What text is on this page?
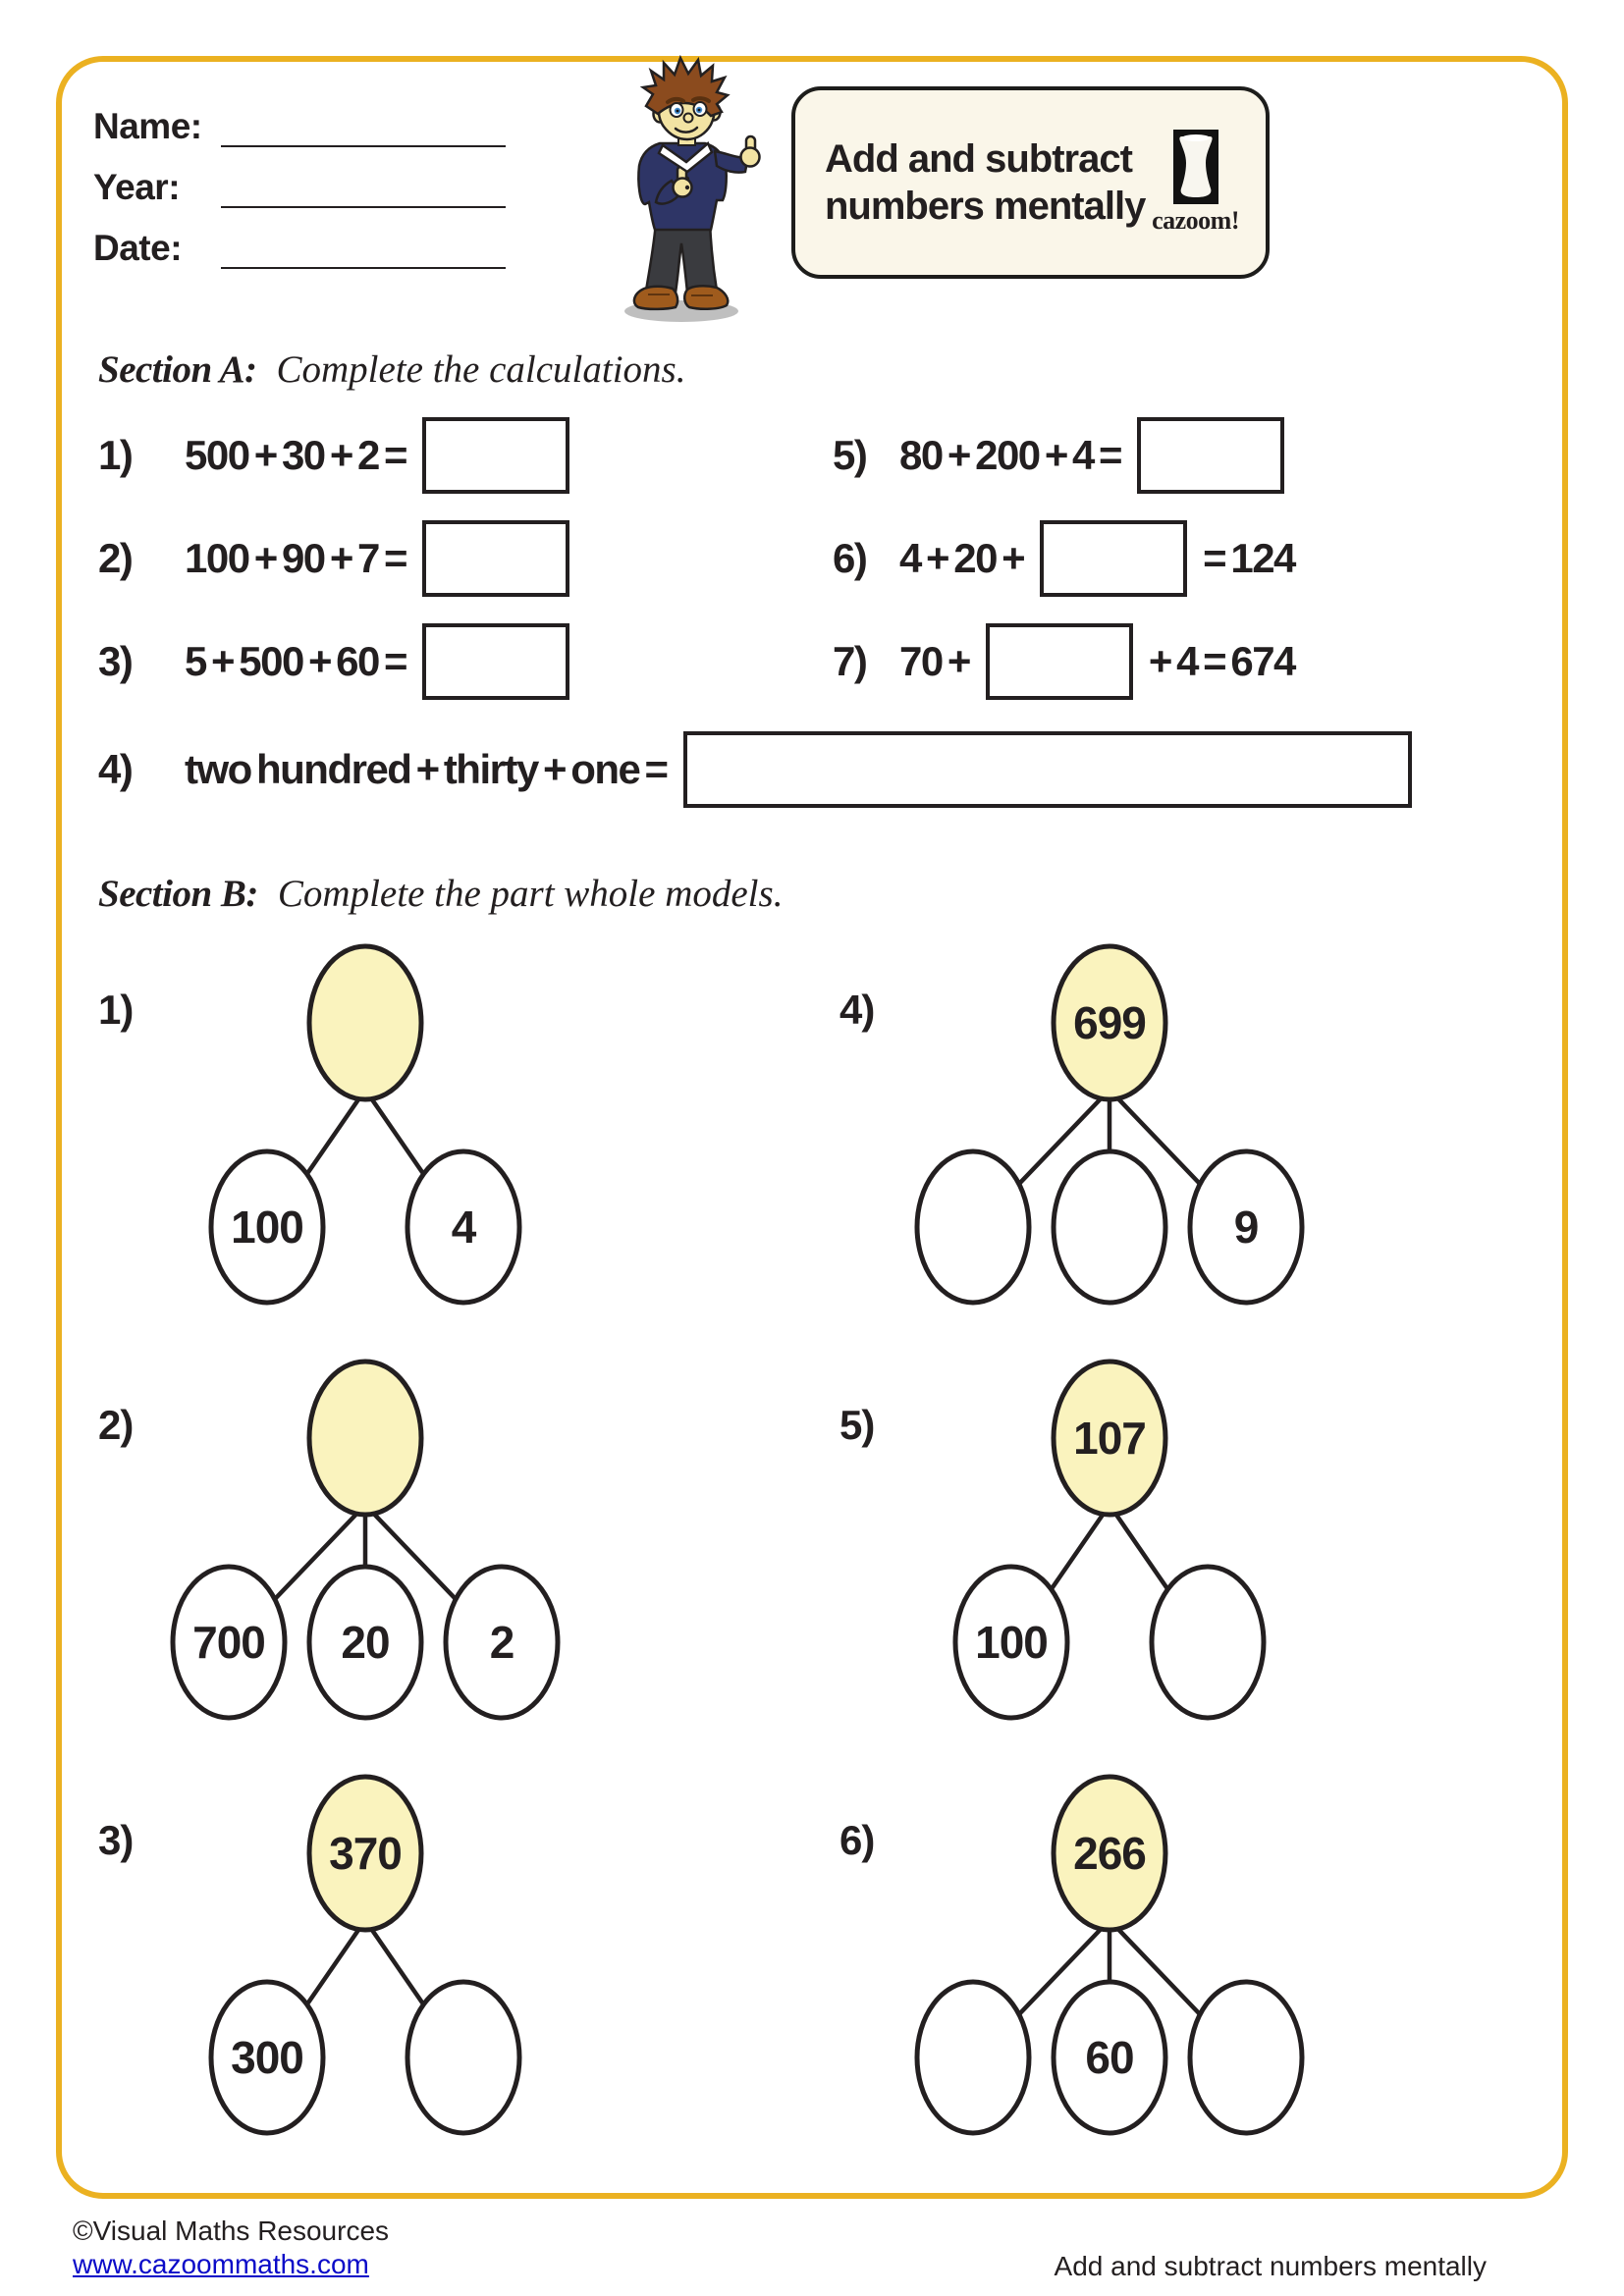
Name:
Year:
Date:
Add and subtract numbers mentally cazoom!
Section A: Complete the calculations.
1)	500 + 30 + 2 =
2)	100 + 90 + 7 =
3)	5 + 500 + 60 =
4)	two hundred + thirty + one =
5) 80 + 200 + 4 =
6) 4 + 20 +	= 124
7) 70 +	+ 4 = 674
Section B: Complete the part whole models.
1)
100	4
4)	699
9
2)
700 20 2
5)	107
100
3)	370
300
6)	266
60
©Visual Maths Resources
www.cazoommaths.com	Add and subtract numbers mentally
